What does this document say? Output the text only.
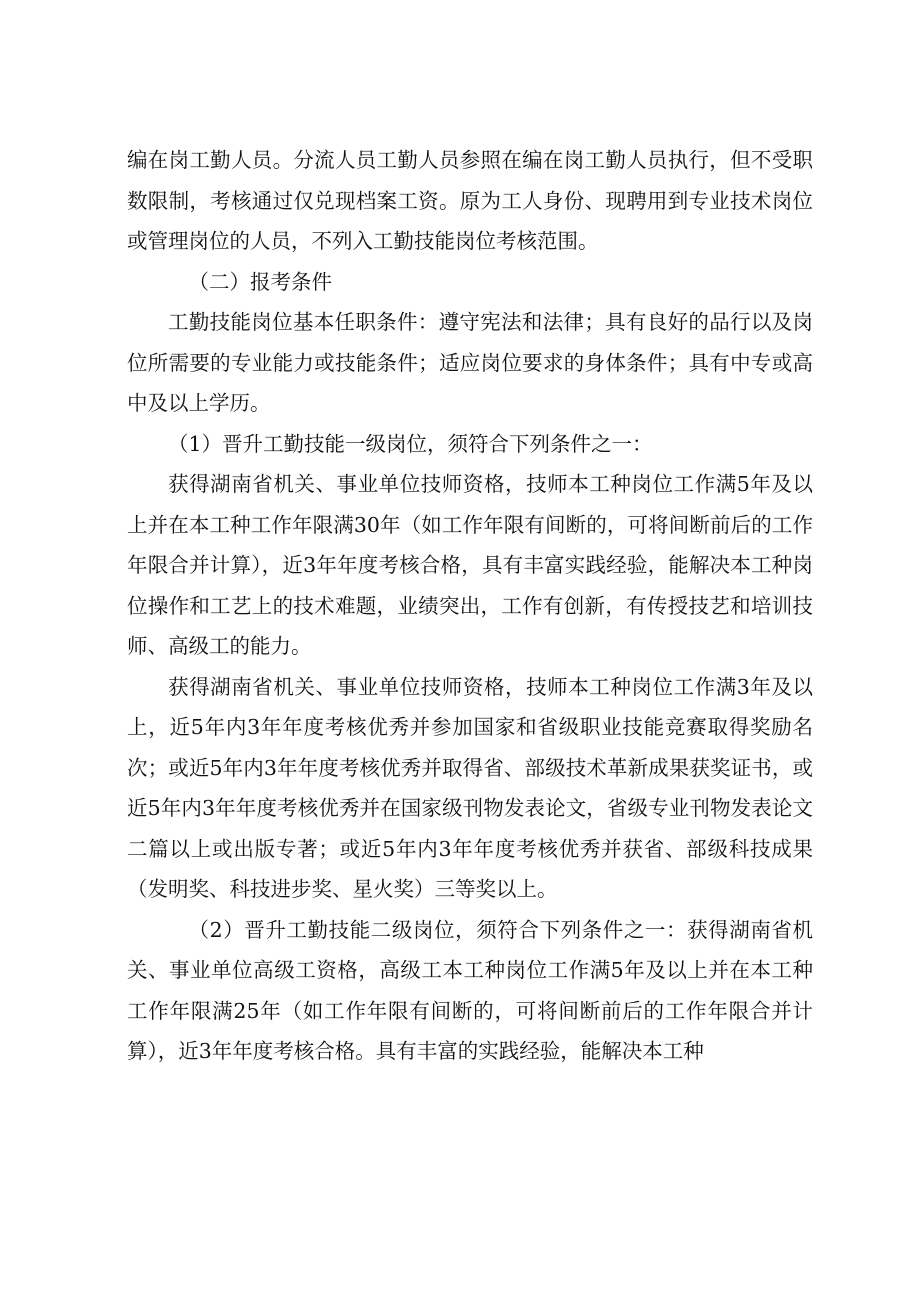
编在岗工勤人员。分流人员工勤人员参照在编在岗工勤人员执行，但不受职数限制，考核通过仅兑现档案工资。原为工人身份、现聘用到专业技术岗位或管理岗位的人员，不列入工勤技能岗位考核范围。

（二）报考条件

工勤技能岗位基本任职条件：遵守宪法和法律；具有良好的品行以及岗位所需要的专业能力或技能条件；适应岗位要求的身体条件；具有中专或高中及以上学历。

（1）晋升工勤技能一级岗位，须符合下列条件之一：

获得湖南省机关、事业单位技师资格，技师本工种岗位工作满5年及以上并在本工种工作年限满30年（如工作年限有间断的，可将间断前后的工作年限合并计算），近3年年度考核合格，具有丰富实践经验，能解决本工种岗位操作和工艺上的技术难题，业绩突出，工作有创新，有传授技艺和培训技师、高级工的能力。

获得湖南省机关、事业单位技师资格，技师本工种岗位工作满3年及以上，近5年内3年年度考核优秀并参加国家和省级职业技能竞赛取得奖励名次；或近5年内3年年度考核优秀并取得省、部级技术革新成果获奖证书，或近5年内3年年度考核优秀并在国家级刊物发表论文，省级专业刊物发表论文二篇以上或出版专著；或近5年内3年年度考核优秀并获省、部级科技成果（发明奖、科技进步奖、星火奖）三等奖以上。

（2）晋升工勤技能二级岗位，须符合下列条件之一：获得湖南省机关、事业单位高级工资格，高级工本工种岗位工作满5年及以上并在本工种工作年限满25年（如工作年限有间断的，可将间断前后的工作年限合并计算），近3年年度考核合格。具有丰富的实践经验，能解决本工种
